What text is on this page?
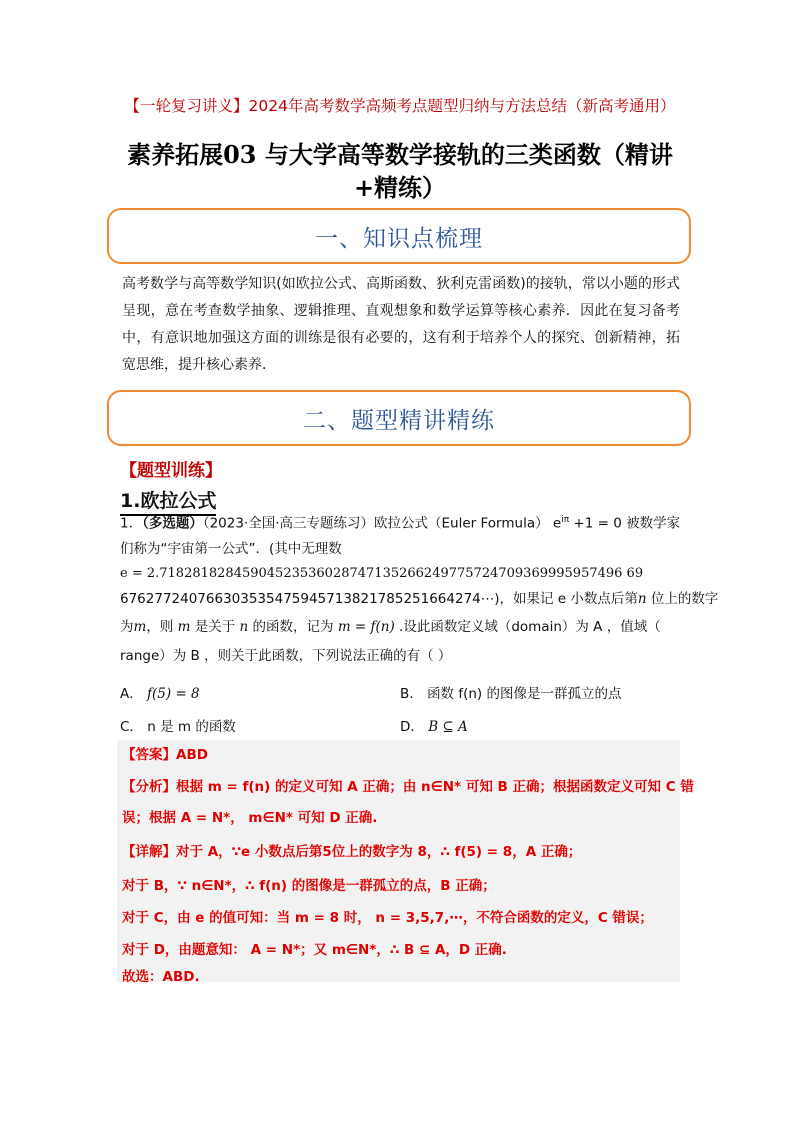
【一轮复习讲义】2024年高考数学高频考点题型归纳与方法总结（新高考通用）
素养拓展03 与大学高等数学接轨的三类函数（精讲+精练）
一、知识点梳理
高考数学与高等数学知识(如欧拉公式、高斯函数、狄利克雷函数)的接轨，常以小题的形式呈现，意在考查数学抽象、逻辑推理、直观想象和数学运算等核心素养．因此在复习备考中，有意识地加强这方面的训练是很有必要的，这有利于培养个人的探究、创新精神，拓宽思维，提升核心素养．
二、题型精讲精练
【题型训练】
1.欧拉公式
1．（多选题）（2023·全国·高三专题练习）欧拉公式（Euler Formula） $e^{i\pi} +1 = 0$ 被数学家
们称为“宇宙第一公式”．(其中无理数
e = 2.71828182845904523536028747135266249775724709369995957496 69
676277240766303535475945713821785251664274⋯)，如果记 e 小数点后第n 位上的数字
为m，则 m 是关于 n 的函数，记为 m = f(n) .设此函数定义域（domain）为 A ，值域（
range）为 B ，则关于此函数，下列说法正确的有（ ）
A． f(5) = 8	B． 函数 f(n) 的图像是一群孤立的点
C． n 是 m 的函数	D． B ⊆ A
【答案】ABD
【分析】根据 m = f(n) 的定义可知 A 正确；由 n∈N* 可知 B 正确；根据函数定义可知 C 错
误；根据 A = N*， m∈N* 可知 D 正确.
【详解】对于 A，∵e 小数点后第5位上的数字为 8，∴ f(5) = 8，A 正确；
对于 B，∵ n∈N*，∴ f(n) 的图像是一群孤立的点，B 正确；
对于 C，由 e 的值可知：当 m = 8 时， n = 3,5,7,⋯，不符合函数的定义，C 错误；
对于 D，由题意知： A = N*；又 m∈N*，∴ B ⊆ A，D 正确.
故选：ABD.
